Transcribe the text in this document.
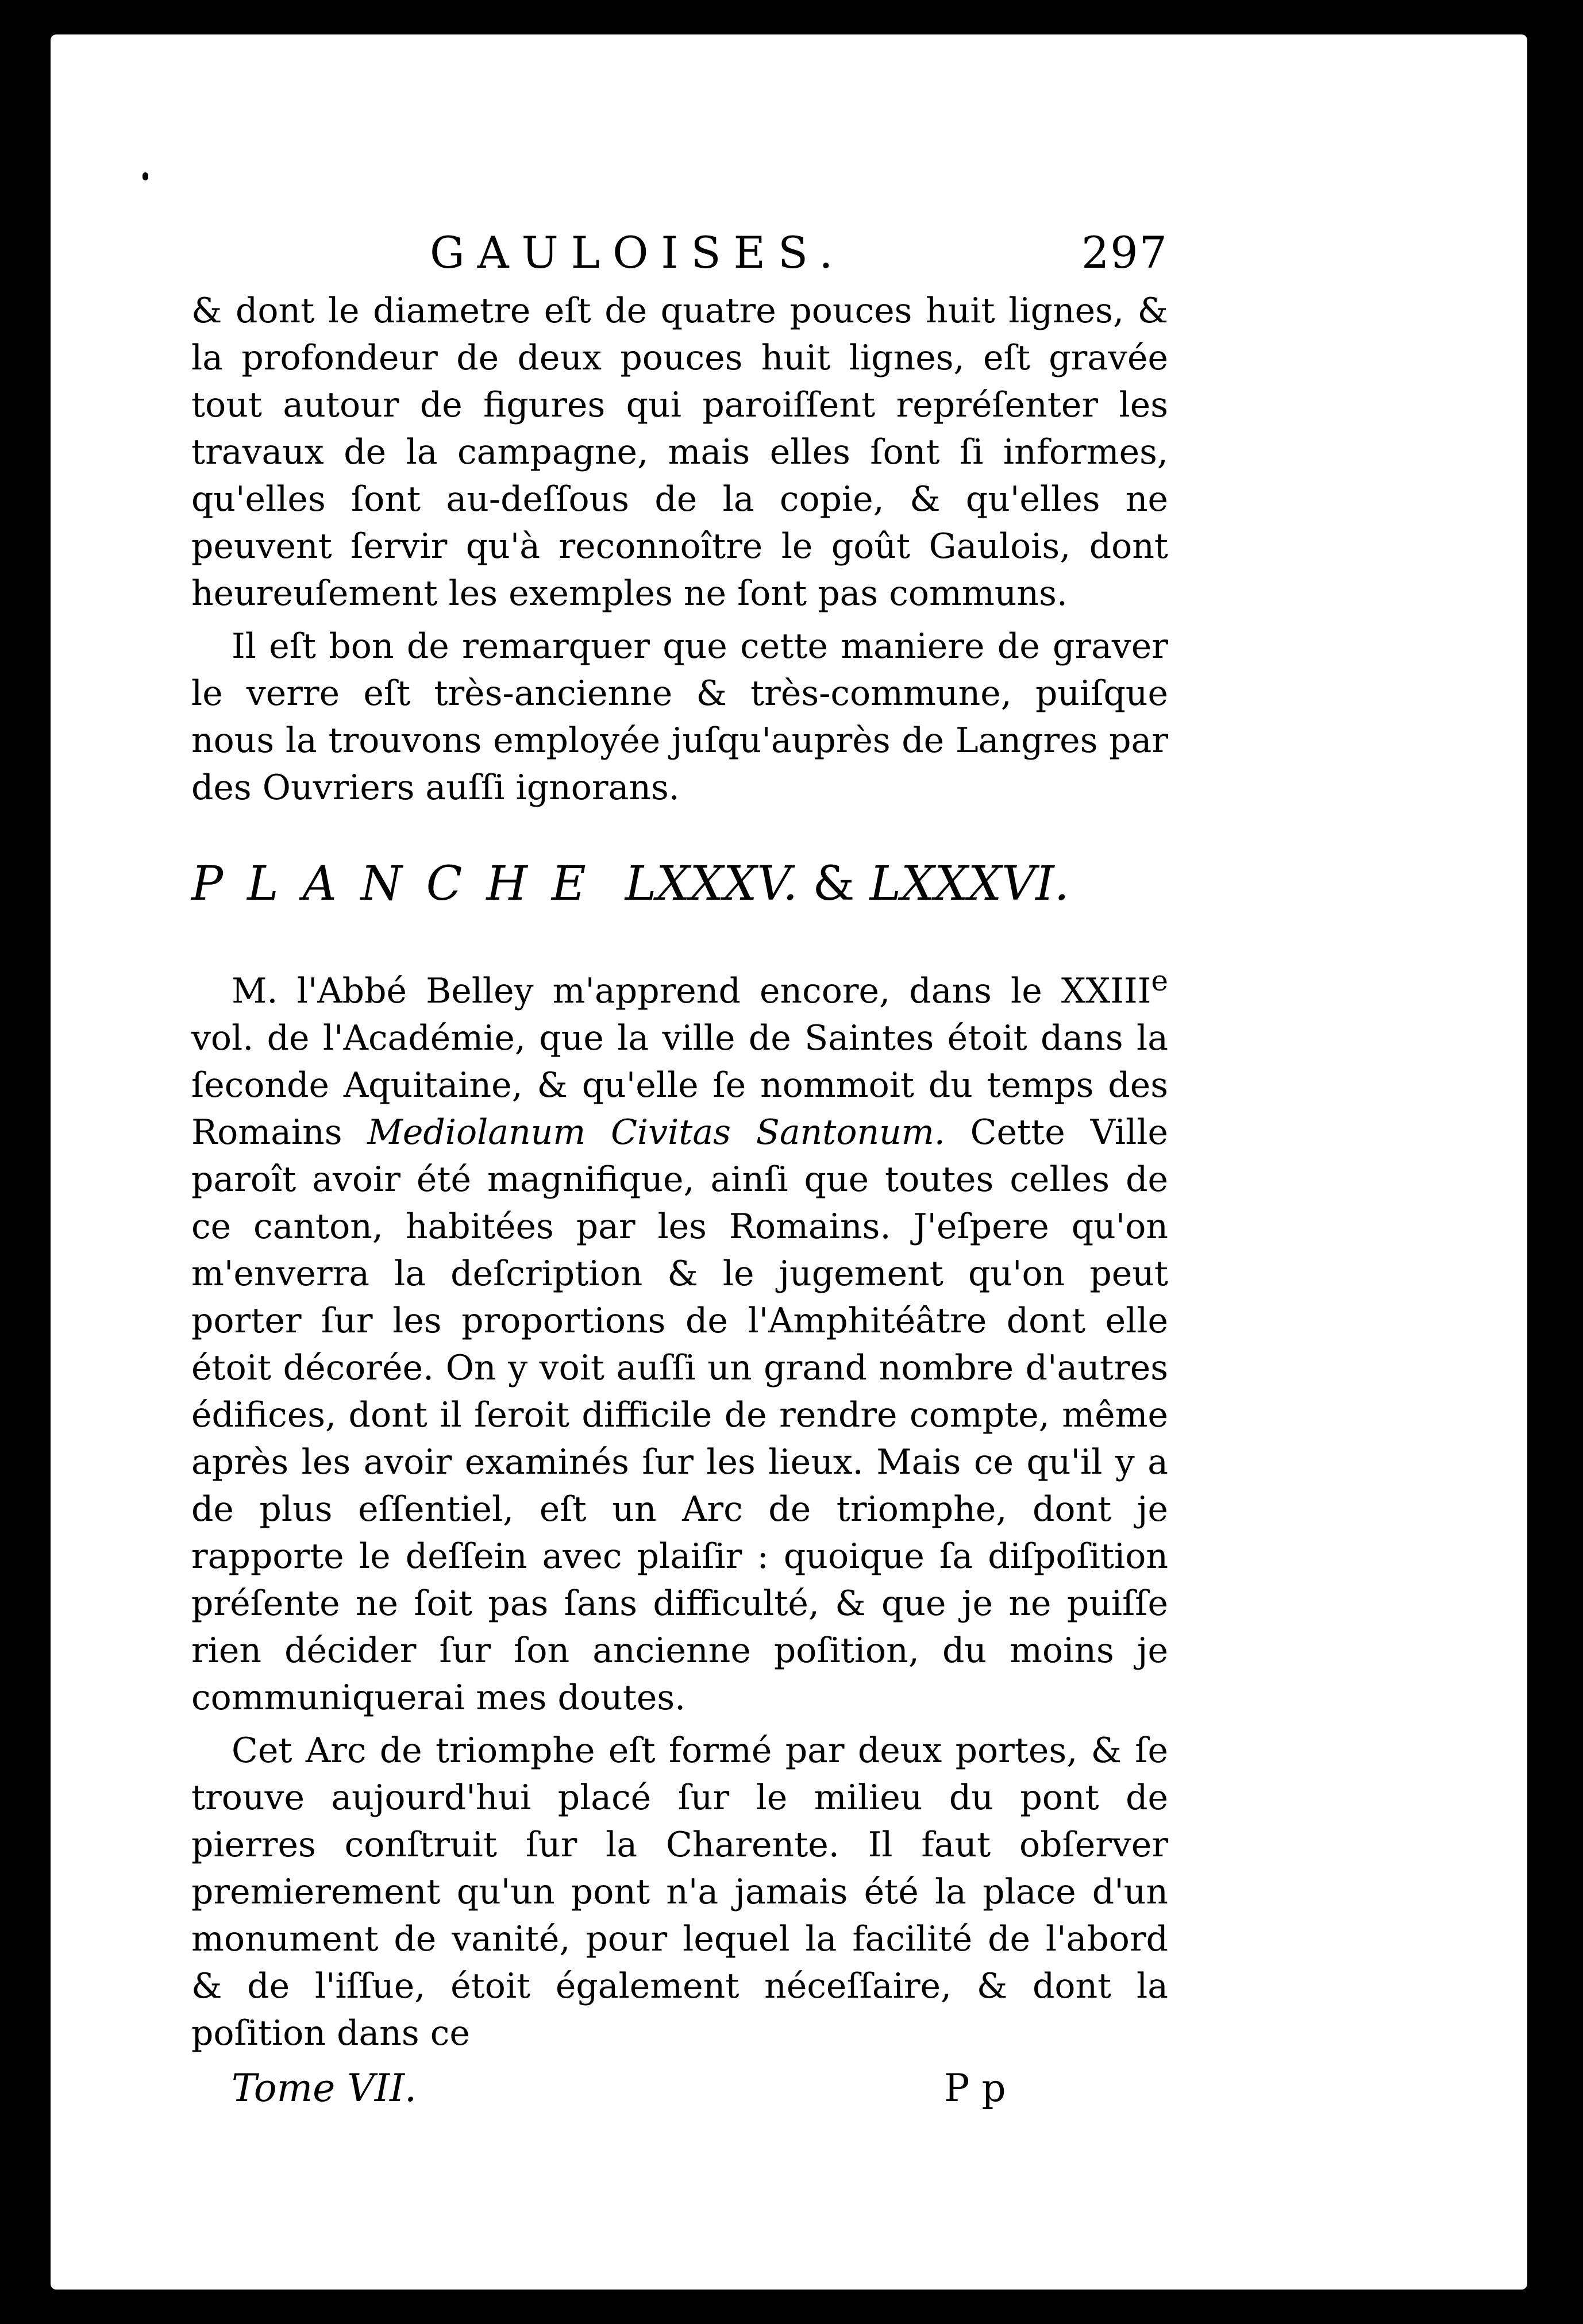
GAULOISES.	297

& dont le diametre eſt de quatre pouces huit lignes, & la profondeur de deux pouces huit lignes, eſt gravée tout autour de figures qui paroiſſent repréſenter les travaux de la campagne, mais elles ſont ſi informes, qu'elles ſont au-deſſous de la copie, & qu'elles ne peuvent ſervir qu'à reconnoître le goût Gaulois, dont heureuſement les exemples ne ſont pas communs.

Il eſt bon de remarquer que cette maniere de graver le verre eſt très-ancienne & très-commune, puiſque nous la trouvons employée juſqu'auprès de Langres par des Ouvriers auſſi ignorans.

PLANCHE LXXXV. & LXXXVI.

M. l'Abbé Belley m'apprend encore, dans le XXIIIe vol. de l'Académie, que la ville de Saintes étoit dans la ſeconde Aquitaine, & qu'elle ſe nommoit du temps des Romains Mediolanum Civitas Santonum. Cette Ville paroît avoir été magnifique, ainſi que toutes celles de ce canton, habitées par les Romains. J'eſpere qu'on m'enverra la deſcription & le jugement qu'on peut porter ſur les proportions de l'Amphitéâtre dont elle étoit décorée. On y voit auſſi un grand nombre d'autres édifices, dont il ſeroit difficile de rendre compte, même après les avoir examinés ſur les lieux. Mais ce qu'il y a de plus eſſentiel, eſt un Arc de triomphe, dont je rapporte le deſſein avec plaiſir : quoique ſa diſpoſition préſente ne ſoit pas ſans difficulté, & que je ne puiſſe rien décider ſur ſon ancienne poſition, du moins je communiquerai mes doutes.

Cet Arc de triomphe eſt formé par deux portes, & ſe trouve aujourd'hui placé ſur le milieu du pont de pierres conſtruit ſur la Charente. Il faut obſerver premierement qu'un pont n'a jamais été la place d'un monument de vanité, pour lequel la facilité de l'abord & de l'iſſue, étoit également néceſſaire, & dont la poſition dans ce

Tome VII.	P p
